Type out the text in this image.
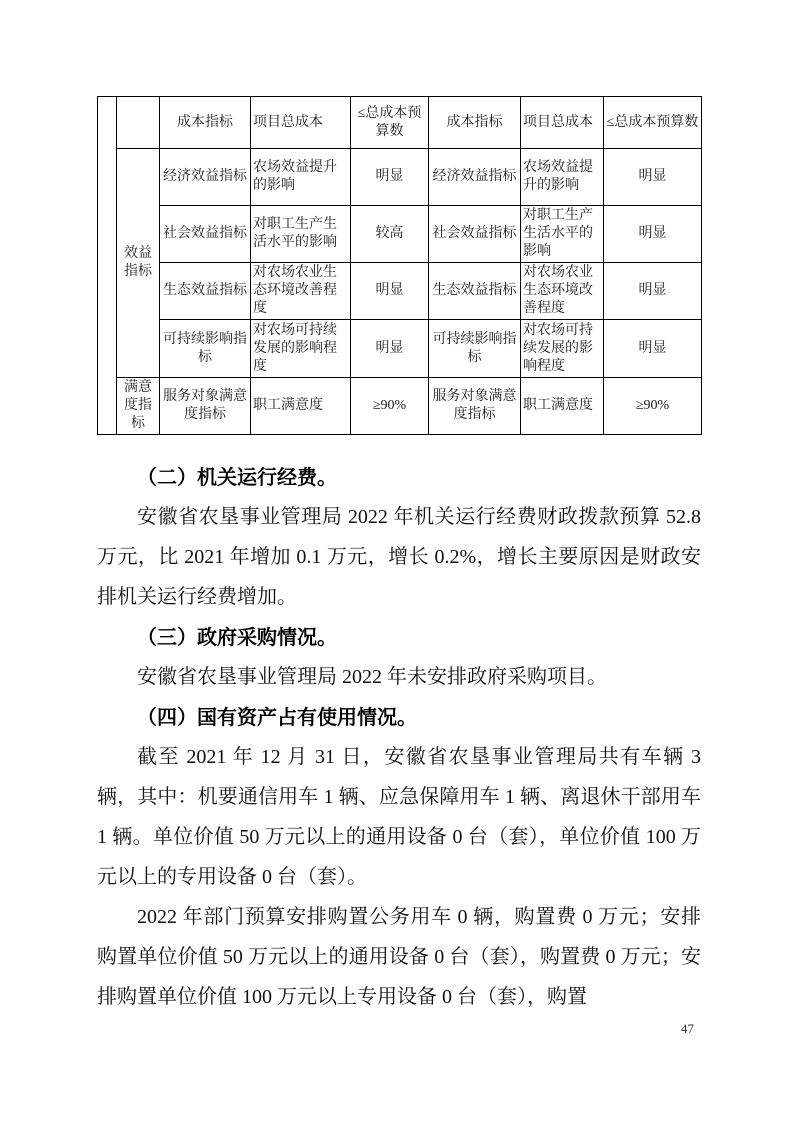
		成本指标	项目总成本	≤总成本预算数	成本指标	项目总成本	≤总成本预算数
	效益指标	经济效益指标	农场效益提升的影响	明显	经济效益指标	农场效益提升的影响	明显
		社会效益指标	对职工生产生活水平的影响	较高	社会效益指标	对职工生产生活水平的影响	明显
		生态效益指标	对农场农业生态环境改善程度	明显	生态效益指标	对农场农业生态环境改善程度	明显
		可持续影响指标	对农场可持续发展的影响程度	明显	可持续影响指标	对农场可持续发展的影响程度	明显
	满意度指标	服务对象满意度指标	职工满意度	≥90%	服务对象满意度指标	职工满意度	≥90%
（二）机关运行经费。

安徽省农垦事业管理局 2022 年机关运行经费财政拨款预算 52.8 万元，比 2021 年增加 0.1 万元，增长 0.2%，增长主要原因是财政安排机关运行经费增加。

（三）政府采购情况。

安徽省农垦事业管理局 2022 年未安排政府采购项目。

（四）国有资产占有使用情况。

截至 2021 年 12 月 31 日，安徽省农垦事业管理局共有车辆 3 辆，其中：机要通信用车 1 辆、应急保障用车 1 辆、离退休干部用车 1 辆。单位价值 50 万元以上的通用设备 0 台（套），单位价值 100 万元以上的专用设备 0 台（套）。

2022 年部门预算安排购置公务用车 0 辆，购置费 0 万元；安排购置单位价值 50 万元以上的通用设备 0 台（套），购置费 0 万元；安排购置单位价值 100 万元以上专用设备 0 台（套），购置

47
